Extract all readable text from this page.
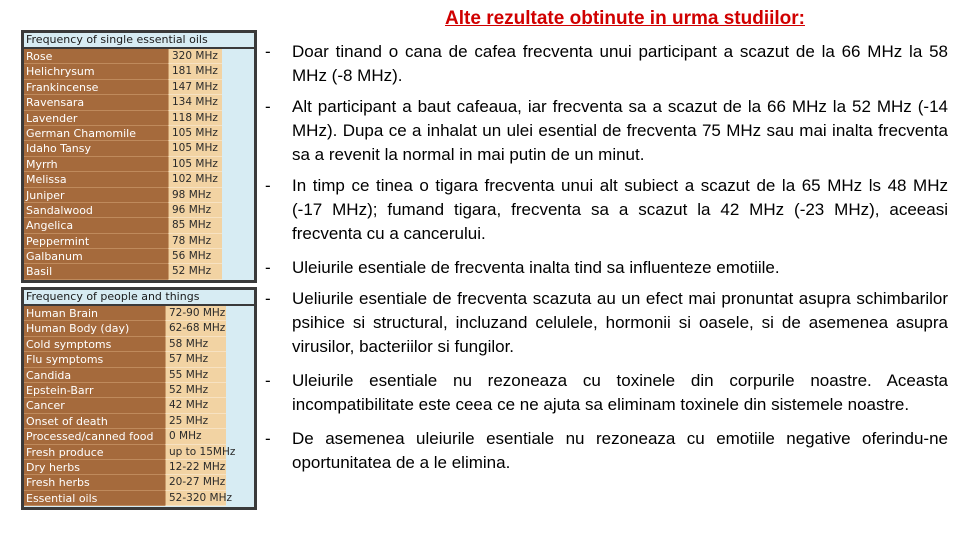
Alte rezultate obtinute in urma studiilor:
Frequency of single essential oils
Rose	320 MHz
Helichrysum	181 MHz
Frankincense	147 MHz
Ravensara	134 MHz
Lavender	118 MHz
German Chamomile	105 MHz
Idaho Tansy	105 MHz
Myrrh	105 MHz
Melissa	102 MHz
Juniper	98 MHz
Sandalwood	96 MHz
Angelica	85 MHz
Peppermint	78 MHz
Galbanum	56 MHz
Basil	52 MHz
Frequency of people and things
Human Brain	72-90 MHz
Human Body (day)	62-68 MHz
Cold symptoms	58 MHz
Flu symptoms	57 MHz
Candida	55 MHz
Epstein-Barr	52 MHz
Cancer	42 MHz
Onset of death	25 MHz
Processed/canned food	0 MHz
Fresh produce	up to 15MHz
Dry herbs	12-22 MHz
Fresh herbs	20-27 MHz
Essential oils	52-320 MHz
- Doar tinand o cana de cafea frecventa unui participant a scazut de la 66 MHz la 58 MHz (-8 MHz).
- Alt participant a baut cafeaua, iar frecventa sa a scazut de la 66 MHz la 52 MHz (-14 MHz). Dupa ce a inhalat un ulei esential de frecventa 75 MHz sau mai inalta frecventa sa a revenit la normal in mai putin de un minut.
- In timp ce tinea o tigara frecventa unui alt subiect a scazut de la 65 MHz ls 48 MHz (-17 MHz); fumand tigara, frecventa sa a scazut la 42 MHz (-23 MHz), aceeasi frecventa cu a cancerului.
- Uleiurile esentiale de frecventa inalta tind sa influenteze emotiile.
- Ueliurile esentiale de frecventa scazuta au un efect mai pronuntat asupra schimbarilor psihice si structural, incluzand celulele, hormonii si oasele, si de asemenea asupra virusilor, bacteriilor si fungilor.
- Uleiurile esentiale nu rezoneaza cu toxinele din corpurile noastre. Aceasta incompatibilitate este ceea ce ne ajuta sa eliminam toxinele din sistemele noastre.
- De asemenea uleiurile esentiale nu rezoneaza cu emotiile negative oferindu-ne oportunitatea de a le elimina.
